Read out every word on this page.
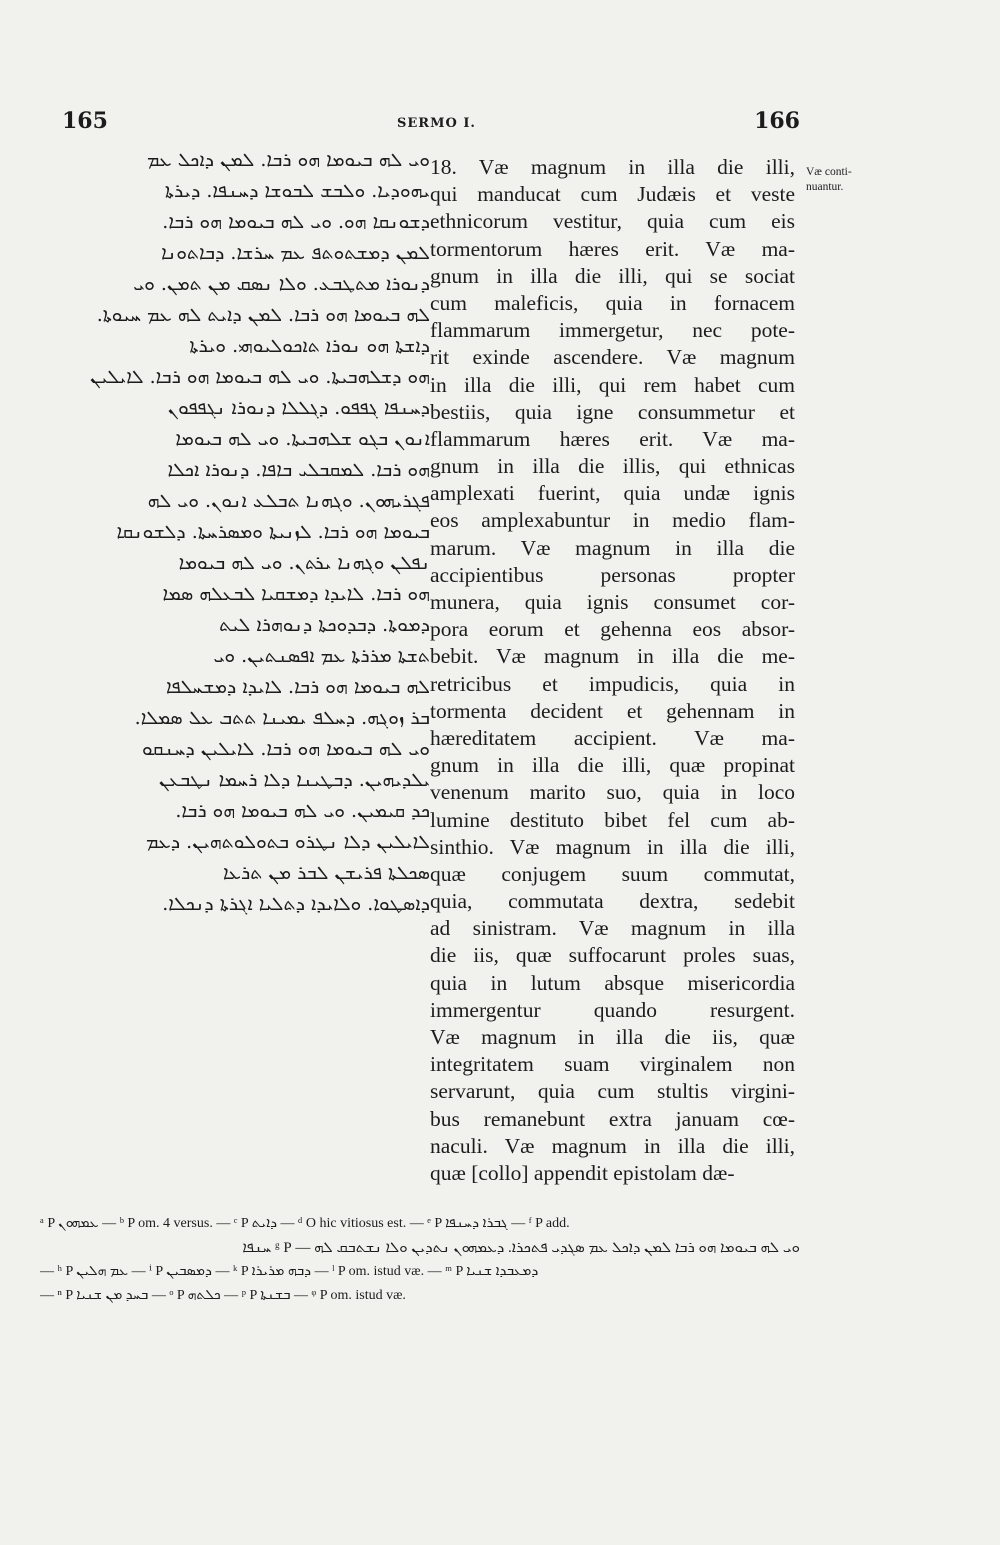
165	SERMO I.	166
ܘܝ ܠܗ ܒܝܘܡܐ ܗܘ ܪܒܐ. ܠܡܢ ܕܐܟܠ ܥܡ
ܝܗܘܕܝܐ. ܘܠܒܫ ܠܒܘܫܐ ܕܚܢܦܐ. ܕܝܪܬܐ
ܕܫܘܢܩܐ ܗܘ. ܘܝ ܠܗ ܒܝܘܡܐ ܗܘ ܪܒܐ.
ܠܡܢ ܕܡܫܬܘܬܦ ܥܡ ܚܪܫܐ. ܕܒܐܬܘܢܐ
ܕܢܘܪܐ ܡܬܛܒܥ. ܘܠܐ ܢܣܩ ܡܢ ܬܡܢ. ܘܝ
ܠܗ ܒܝܘܡܐ ܗܘ ܪܒܐ. ܠܡܢ ܕܐܝܬ ܠܗ ܥܡ ܚܝܘܬܐ.
ܕܐܫܬܐ ܗܘ ܢܘܪܐ ܬܐܟܘܠܝܘܗܝ. ܘܝܪܬܐ
ܗܘ ܕܫܠܗܒܝܬܐ. ܘܝ ܠܗ ܒܝܘܡܐ ܗܘ ܪܒܐ. ܠܐܝܠܝܢ
ܕܚܢܦܐ ܓܦܦܘ. ܕܓܠܠܐ ܕܢܘܪܐ ܢܓܦܦܘܢ
ܐܢܘܢ ܒܓܘ ܫܠܗܒܝܬܐ. ܘܝ ܠܗ ܒܝܘܡܐ
ܗܘ ܪܒܐ. ܠܡܩܒܠܝ ܒܐܦܐ. ܕܢܘܪܐ ܐܟܠܐ
ܦܓܪܝܗܘܢ. ܘܓܗܢܐ ܬܒܠܥ ܐܢܘܢ. ܘܝ ܠܗ
ܒܝܘܡܐ ܗܘ ܪܒܐ. ܠܙܢܝܬܐ ܘܡܣܪܚܬܐ. ܕܠܫܘܢܩܐ
ܢܦܠܢ ܘܓܗܢܐ ܝܪܬܢ. ܘܝ ܠܗ ܒܝܘܡܐ
ܗܘ ܪܒܐ. ܠܐܝܕܐ ܕܡܫܩܝܐ ܠܒܥܠܗ ܣܡܐ
ܕܡܘܬܐ. ܕܒܕܘܟܬܐ ܕܢܘܗܪܐ ܠܝܬ
ܬܫܬܐ ܡܪܪܬܐ ܥܡ ܐܦܣܢܬܝܢ. ܘܝ
ܠܗ ܒܝܘܡܐ ܗܘ ܪܒܐ. ܠܐܝܕܐ ܕܡܫܚܠܦܐ
ܒܪ ܙܘܓܗ. ܕܚܠܦ ܝܡܝܢܐ ܬܬܒ ܥܠ ܣܡܠܐ.
ܘܝ ܠܗ ܒܝܘܡܐ ܗܘ ܪܒܐ. ܠܐܝܠܝܢ ܕܚܢܩܘ
ܝܠܕܝܗܝܢ. ܕܒܛܝܢܐ ܕܠܐ ܪܚܡܐ ܢܛܒܥܢ
ܟܕ ܩܝܡܝܢ. ܘܝ ܠܗ ܒܝܘܡܐ ܗܘ ܪܒܐ.
ܠܐܝܠܝܢ ܕܠܐ ܢܛܪܘ ܒܬܘܠܘܬܗܝܢ. ܕܥܡ
ܣܟܠܬܐ ܦܪܝܫܢ ܠܒܪ ܡܢ ܬܪܥܐ
ܕܐܣܛܘܐ. ܘܠܐܝܕܐ ܕܬܠܝܐ ܐܓܪܬܐ ܕܢܟܠܐ.
18. Væ magnum in illa die illi,
qui manducat cum Judæis et veste
ethnicorum vestitur, quia cum eis
tormentorum hæres erit. Væ ma-
gnum in illa die illi, qui se sociat
cum maleficis, quia in fornacem
flammarum immergetur, nec pote-
rit exinde ascendere. Væ magnum
in illa die illi, qui rem habet cum
bestiis, quia igne consummetur et
flammarum hæres erit. Væ ma-
gnum in illa die illis, qui ethnicas
amplexati fuerint, quia undæ ignis
eos amplexabuntur in medio flam-
marum. Væ magnum in illa die
accipientibus personas propter
munera, quia ignis consumet cor-
pora eorum et gehenna eos absor-
bebit. Væ magnum in illa die me-
retricibus et impudicis, quia in
tormenta decident et gehennam in
hæreditatem accipient. Væ ma-
gnum in illa die illi, quæ propinat
venenum marito suo, quia in loco
lumine destituto bibet fel cum ab-
sinthio. Væ magnum in illa die illi,
quæ conjugem suum commutat,
quia, commutata dextra, sedebit
ad sinistram. Væ magnum in illa
die iis, quæ suffocarunt proles suas,
quia in lutum absque misericordia
immergentur quando resurgent.
Væ magnum in illa die iis, quæ
integritatem suam virginalem non
servarunt, quia cum stultis virgini-
bus remanebunt extra januam cœ-
naculi. Væ magnum in illa die illi,
quæ [collo] appendit epistolam dæ-
Væ conti-
nuantur.
ᵃ P ܥܡܗܘܢ — ᵇ P om. 4 versus. — ᶜ P ܕܐܝܬ — ᵈ O hic vitiosus est. — ᵉ P ܓܒܪܐ ܕܚܢܦܐ — ᶠ P add.
ܘܝ ܠܗ ܒܝܘܡܐ ܗܘ ܪܒܐ ܠܡܢ ܕܐܟܠ ܥܡ ܣܓܕܝ ܦܬܟܪܐ. ܕܥܡܗܘܢ ܢܬܕܝܢ ܘܠܐ ܢܫܬܒܩ ܠܗ — ᵍ P ܚܢܦܐ
— ʰ P ܥܡ ܗܠܝܢ — ⁱ P ܕܡܣܒܝܢ — ᵏ P ܕܒܗ ܡܪܝܪܐ — ˡ P om. istud væ. — ᵐ P ܕܡܥܒܕܐ ܫܢܝܐ
— ⁿ P ܒܚܕ ܡܢ ܫܢܝܐ — ᵒ P ܟܠܬܗ — ᵖ P ܒܫܢܬܐ — ᵠ P om. istud væ.
